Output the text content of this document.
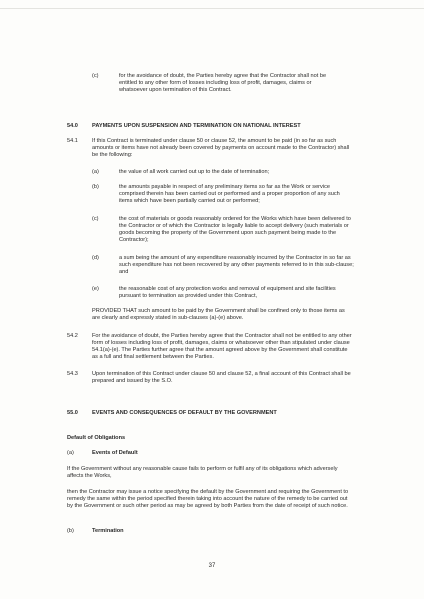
(c)	for the avoidance of doubt, the Parties hereby agree that the Contractor shall not be entitled to any other form of losses including loss of profit, damages, claims or whatsoever upon termination of this Contract.

54.0	PAYMENTS UPON SUSPENSION AND TERMINATION ON NATIONAL INTEREST

54.1	If this Contract is terminated under clause 50 or clause 52, the amount to be paid (in so far as such amounts or items have not already been covered by payments on account made to the Contractor) shall be the following:

(a)	the value of all work carried out up to the date of termination;

(b)	the amounts payable in respect of any preliminary items so far as the Work or service comprised therein has been carried out or performed and a proper proportion of any such items which have been partially carried out or performed;

(c)	the cost of materials or goods reasonably ordered for the Works which have been delivered to the Contractor or of which the Contractor is legally liable to accept delivery (such materials or goods becoming the property of the Government upon such payment being made to the Contractor);

(d)	a sum being the amount of any expenditure reasonably incurred by the Contractor in so far as such expenditure has not been recovered by any other payments referred to in this sub-clause; and

(e)	the reasonable cost of any protection works and removal of equipment and site facilities pursuant to termination as provided under this Contract,

PROVIDED THAT such amount to be paid by the Government shall be confined only to those items as are clearly and expressly stated in sub-clauses (a)-(e) above.

54.2	For the avoidance of doubt, the Parties hereby agree that the Contractor shall not be entitled to any other form of losses including loss of profit, damages, claims or whatsoever other than stipulated under clause 54.1(a)-(e). The Parties further agree that the amount agreed above by the Government shall constitute as a full and final settlement between the Parties.

54.3	Upon termination of this Contract under clause 50 and clause 52, a final account of this Contract shall be prepared and issued by the S.O.

55.0	EVENTS AND CONSEQUENCES OF DEFAULT BY THE GOVERNMENT

Default of Obligations

(a)	Events of Default

If the Government without any reasonable cause fails to perform or fulfil any of its obligations which adversely affects the Works,

then the Contractor may issue a notice specifying the default by the Government and requiring the Government to remedy the same within the period specified therein taking into account the nature of the remedy to be carried out by the Government or such other period as may be agreed by both Parties from the date of receipt of such notice.

(b)	Termination

37
